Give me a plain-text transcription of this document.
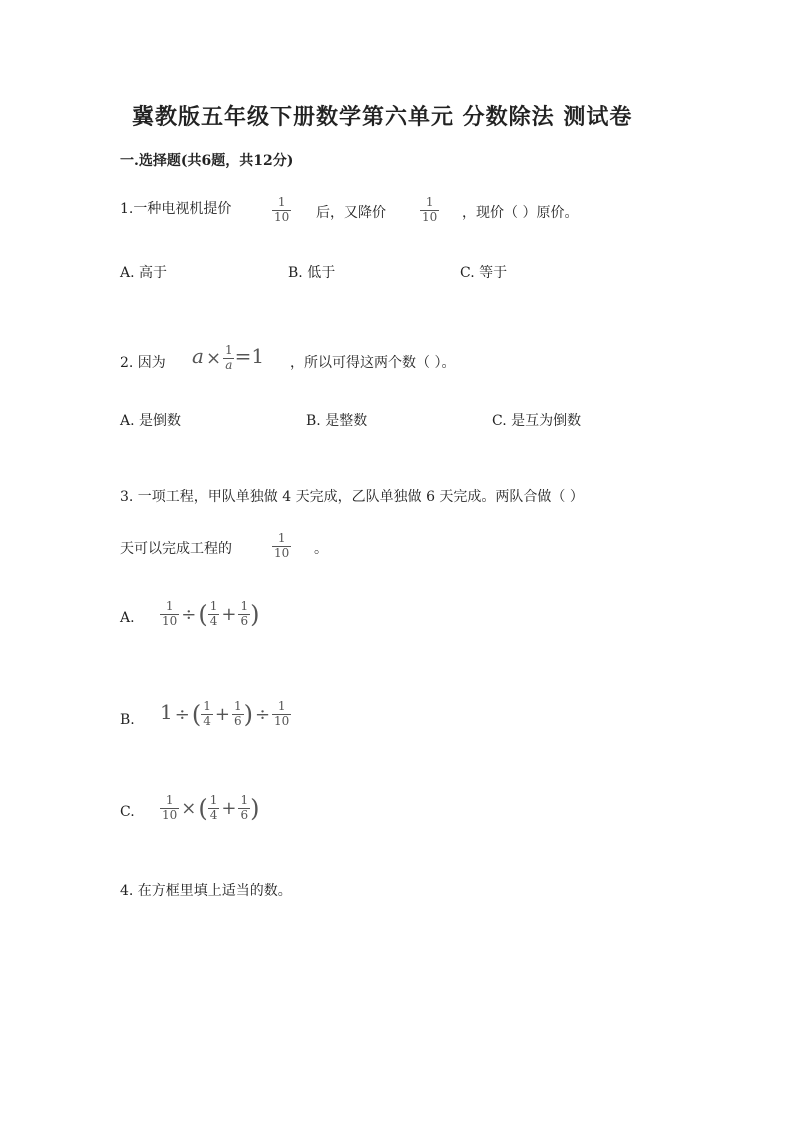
冀教版五年级下册数学第六单元 分数除法 测试卷
一.选择题(共6题，共12分)
1.一种电视机提价	$\frac{1}{10}$ 后，又降价	$\frac{1}{10}$ ，现价（ ）原价。
A. 高于	B. 低于	C. 等于
2. 因为 $a \times \frac{1}{a} =1$ ，所以可得这两个数（ ）。
A. 是倒数	B. 是整数	C. 是互为倒数
3. 一项工程，甲队单独做 4 天完成，乙队单独做 6 天完成。两队合做（ ）
天可以完成工程的	$\frac{1}{10}$ 。
A. $\frac{1}{10}$ ÷( $\frac{1}{4} + \frac{1}{6}$ )
B. 1 ÷( $\frac{1}{4} + \frac{1}{6}$ ) ÷ $\frac{1}{10}$
C. $\frac{1}{10}$ ×( $\frac{1}{4} + \frac{1}{6}$ )
4. 在方框里填上适当的数。
